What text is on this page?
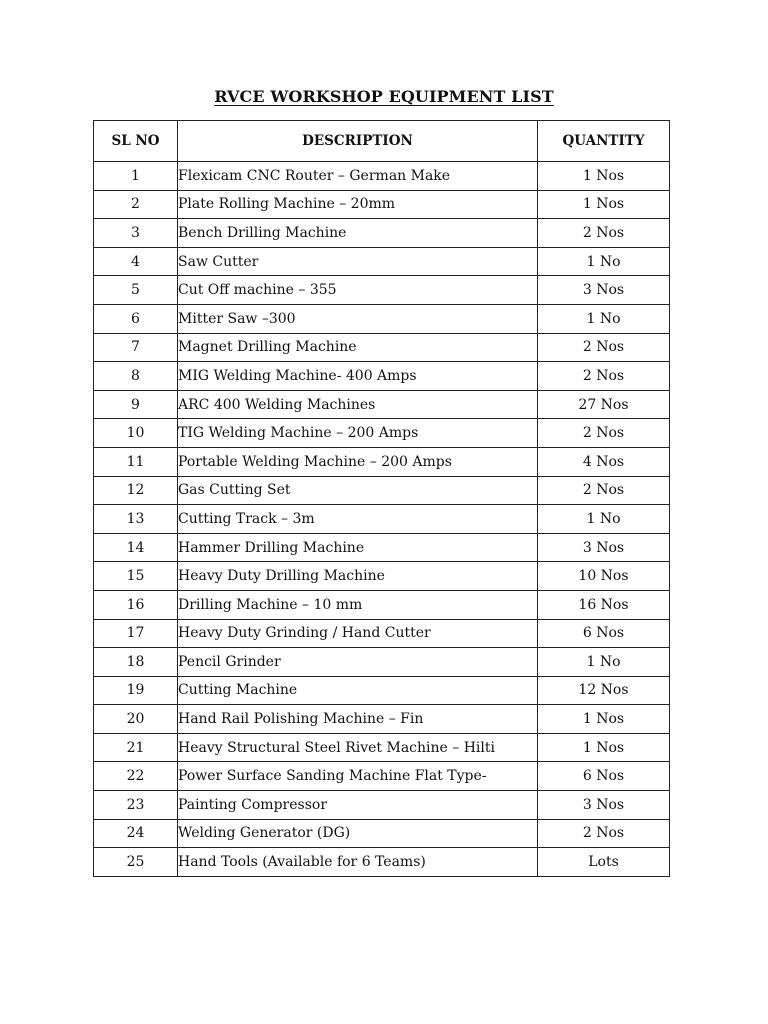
RVCE WORKSHOP EQUIPMENT LIST
SL NO	DESCRIPTION	QUANTITY
1	Flexicam CNC Router – German Make	1 Nos
2	Plate Rolling Machine – 20mm	1 Nos
3	Bench Drilling Machine	2 Nos
4	Saw Cutter	1 No
5	Cut Off machine – 355	3 Nos
6	Mitter Saw –300	1 No
7	Magnet Drilling Machine	2 Nos
8	MIG Welding Machine- 400 Amps	2 Nos
9	ARC 400 Welding Machines	27 Nos
10	TIG Welding Machine – 200 Amps	2 Nos
11	Portable Welding Machine – 200 Amps	4 Nos
12	Gas Cutting Set	2 Nos
13	Cutting Track – 3m	1 No
14	Hammer Drilling Machine	3 Nos
15	Heavy Duty Drilling Machine	10 Nos
16	Drilling Machine – 10 mm	16 Nos
17	Heavy Duty Grinding / Hand Cutter	6 Nos
18	Pencil Grinder	1 No
19	Cutting Machine	12 Nos
20	Hand Rail Polishing Machine – Fin	1 Nos
21	Heavy Structural Steel Rivet Machine – Hilti	1 Nos
22	Power Surface Sanding Machine Flat Type-	6 Nos
23	Painting Compressor	3 Nos
24	Welding Generator (DG)	2 Nos
25	Hand Tools (Available for 6 Teams)	Lots
